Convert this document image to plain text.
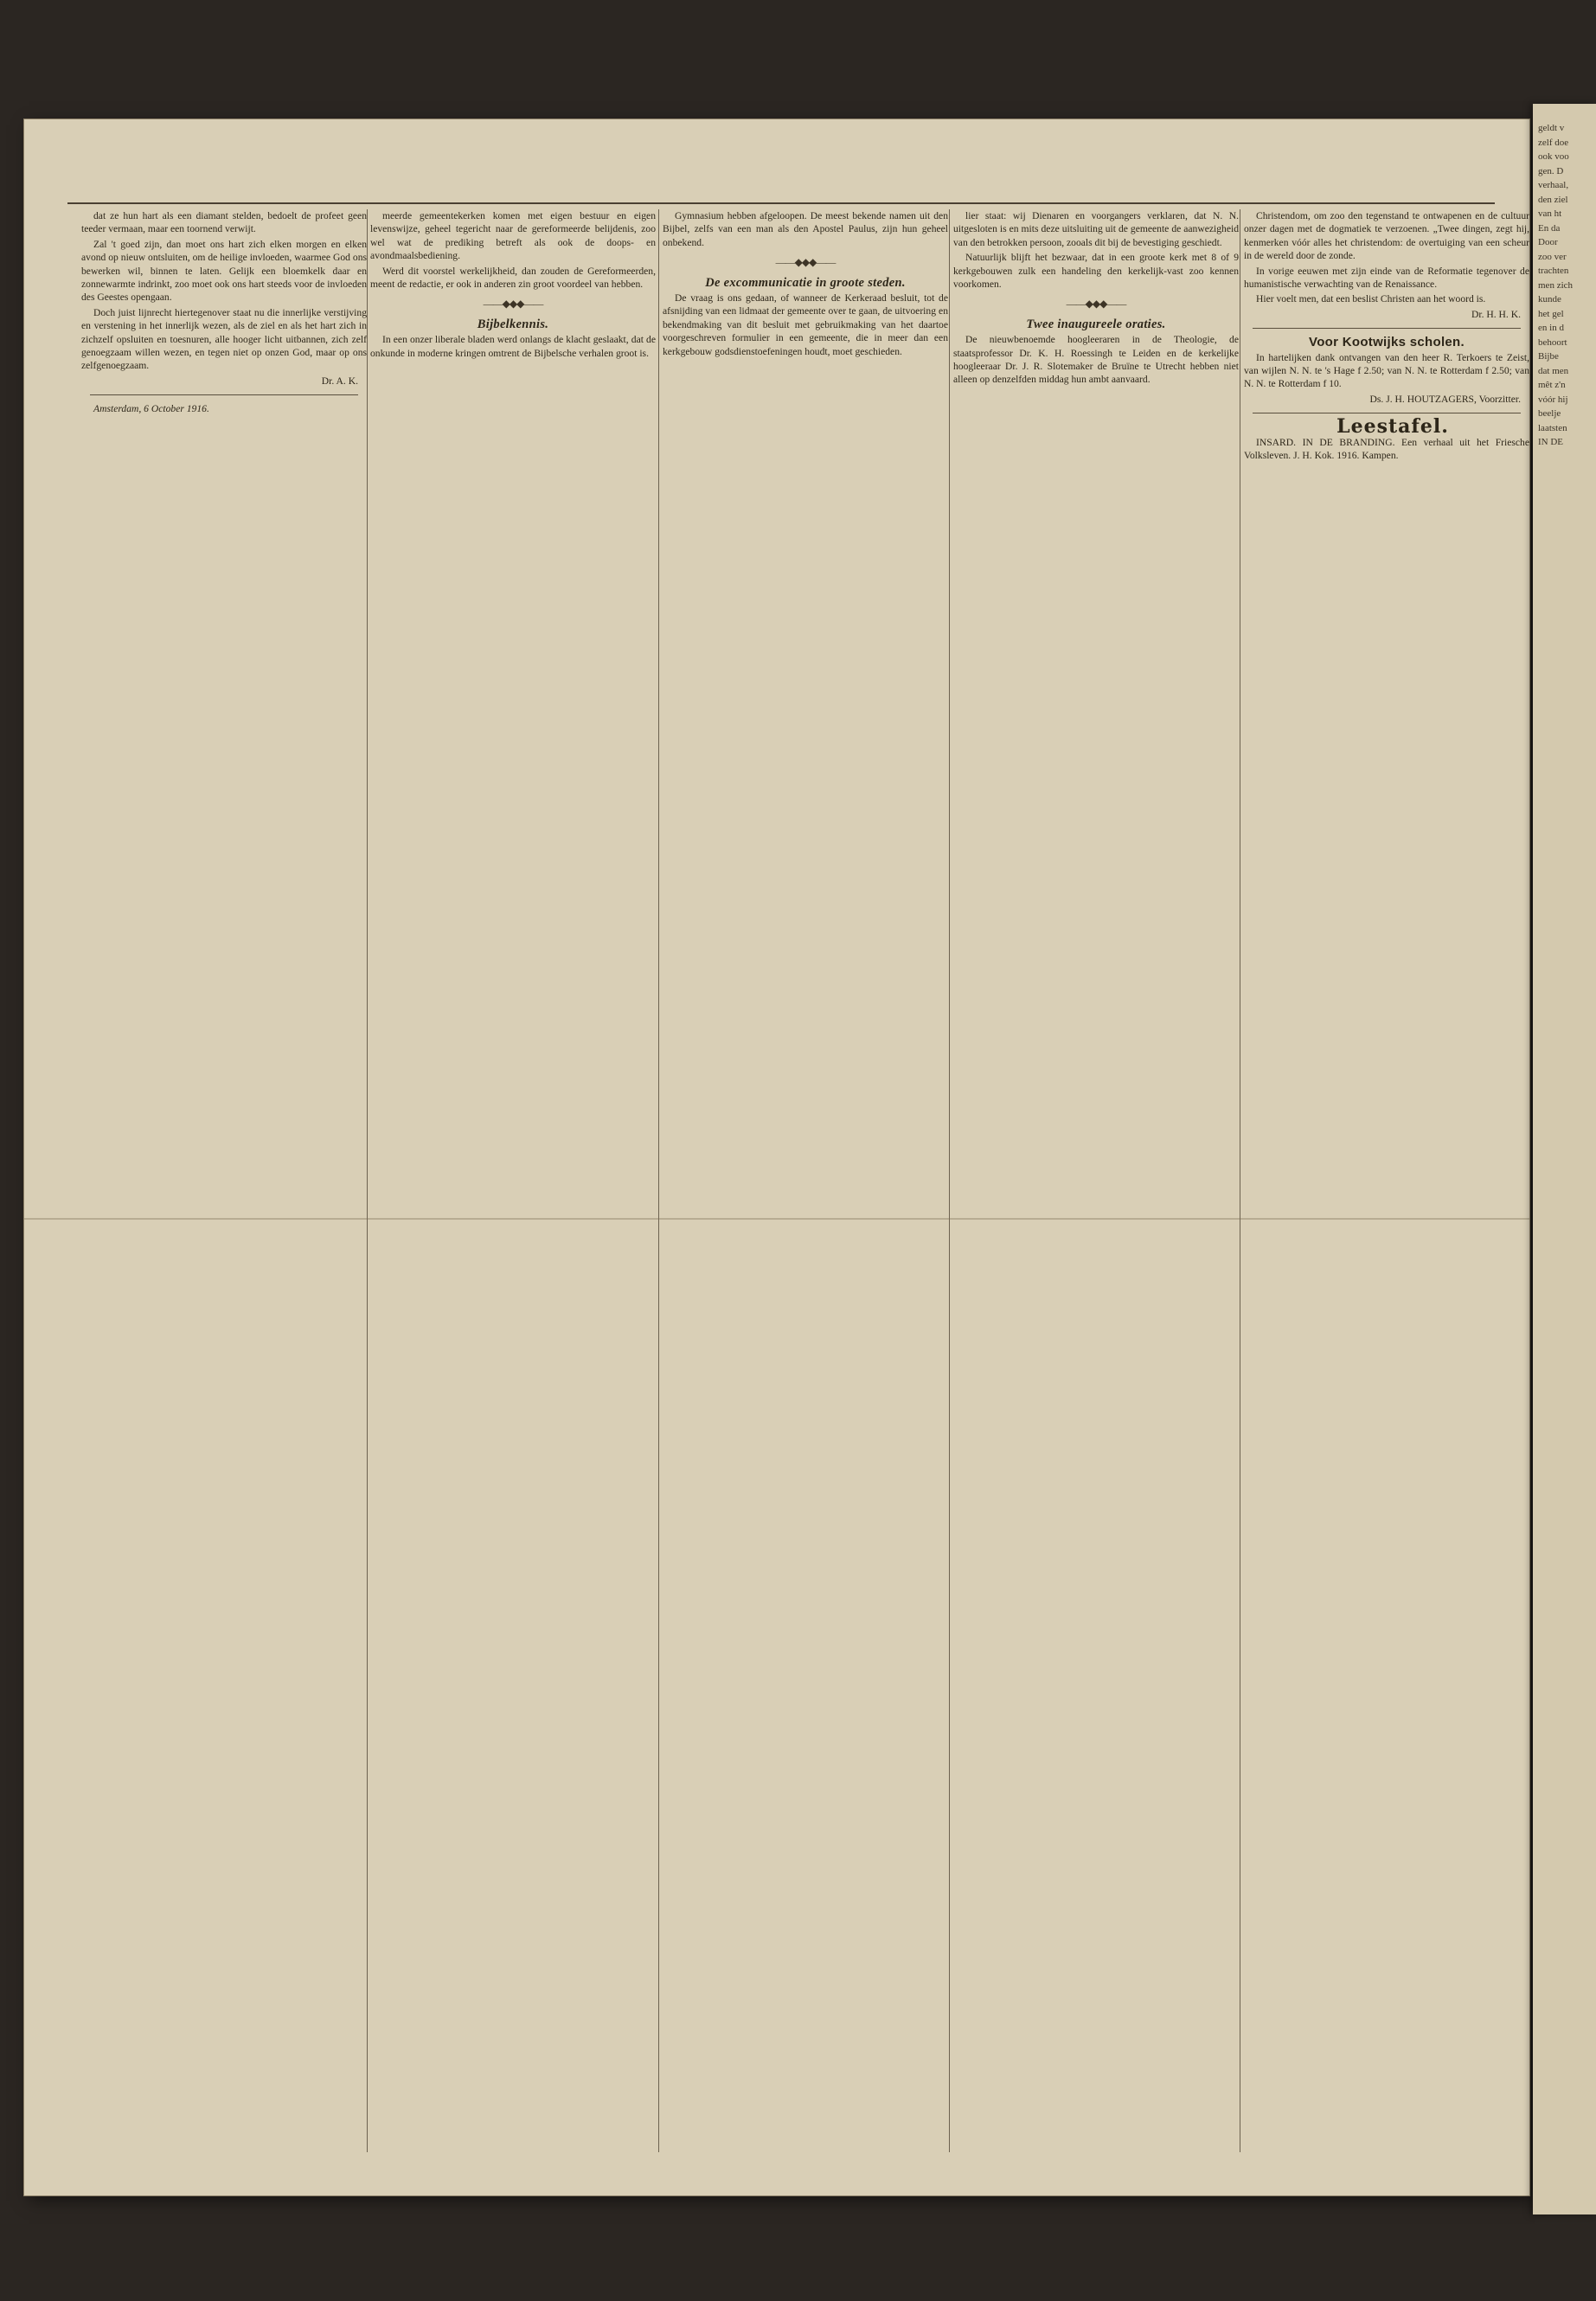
dat ze hun hart als een diamant stelden, bedoelt de profeet geen teeder vermaan, maar een toornend verwijt.

Zal 't goed zijn, dan moet ons hart zich elken morgen en elken avond op nieuw ontsluiten, om de heilige invloeden, waarmee God ons bewerken wil, binnen te laten. Gelijk een bloemkelk daar en zonnewarmte indrinkt, zoo moet ook ons hart steeds voor de invloeden des Geestes opengaan.

Doch juist lijnrecht hiertegenover staat nu die innerlijke verstijving en verstening in het innerlijk wezen, als de ziel en als het hart zich in zichzelf opsluiten en toesnuren, alle hooger licht uitbannen, zich zelf genoegzaam willen wezen, en tegen niet op onzen God, maar op ons zelfgenoegzaam.

Dr. A. K.

Amsterdam, 6 October 1916.

meerde gemeentekerken komen met eigen bestuur en eigen levenswijze, geheel tegericht naar de gereformeerde belijdenis, zoo wel wat de prediking betreft als ook de doops- en avondmaalsbediening.

Werd dit voorstel werkelijkheid, dan zouden de Gereformeerden, meent de redactie, er ook in anderen zin groot voordeel van hebben.

——◆◆◆——

Bijbelkennis.

In een onzer liberale bladen werd onlangs de klacht geslaakt, dat de onkunde in moderne kringen omtrent de Bijbelsche verhalen groot is.

Gymnasium hebben afgeloopen. De meest bekende namen uit den Bijbel, zelfs van een man als den Apostel Paulus, zijn hun geheel onbekend.

——◆◆◆——

De excommunicatie in groote steden.

De vraag is ons gedaan, of wanneer de Kerkeraad besluit, tot de afsnijding van een lidmaat der gemeente over te gaan, de uitvoering en bekendmaking van dit besluit met gebruikmaking van het daartoe voorgeschreven formulier in een gemeente, die in meer dan een kerkgebouw godsdienstoefeningen houdt, moet geschieden.

lier staat: wij Dienaren en voorgangers verklaren, dat N. N. uitgesloten is en mits deze uitsluiting uit de gemeente de aanwezigheid van den betrokken persoon, zooals dit bij de bevestiging geschiedt.

Natuurlijk blijft het bezwaar, dat in een groote kerk met 8 of 9 kerkgebouwen zulk een handeling den kerkelijk-vast zoo kennen voorkomen.

——◆◆◆——

Twee inaugureele oraties.

De nieuwbenoemde hoogleeraren in de Theologie, de staatsprofessor Dr. K. H. Roessingh te Leiden en de kerkelijke hoogleeraar Dr. J. R. Slotemaker de Bruïne te Utrecht hebben niet alleen op denzelfden middag hun ambt aanvaard.

Christendom, om zoo den tegenstand te ontwapenen en de cultuur onzer dagen met de dogmatiek te verzoenen. „Twee dingen, zegt hij, kenmerken vóór alles het christendom: de overtuiging van een scheur in de wereld door de zonde.

In vorige eeuwen met zijn einde van de Reformatie tegenover de humanistische verwachting van de Renaissance.

Hier voelt men, dat een beslist Christen aan het woord is.

Dr. H. H. K.

Voor Kootwijks scholen.

In hartelijken dank ontvangen van den heer R. Terkoers te Zeist, van wijlen N. N. te 's Hage f 2.50; van N. N. te Rotterdam f 2.50; van N. N. te Rotterdam f 10.

Ds. J. H. HOUTZAGERS, Voorzitter.

Leestafel.

INSARD. IN DE BRANDING. Een verhaal uit het Friesche Volksleven. J. H. Kok. 1916. Kampen.

geldt v
zelf doe
ook voo
gen. D
verhaal,
den ziel
van ht
En da
Door
zoo ver
trachten
men zich
kunde
het gel
en in d
behoort
Bijbe
dat men
mêt z'n
vóór hij
beelje
laatsten
IN DE
